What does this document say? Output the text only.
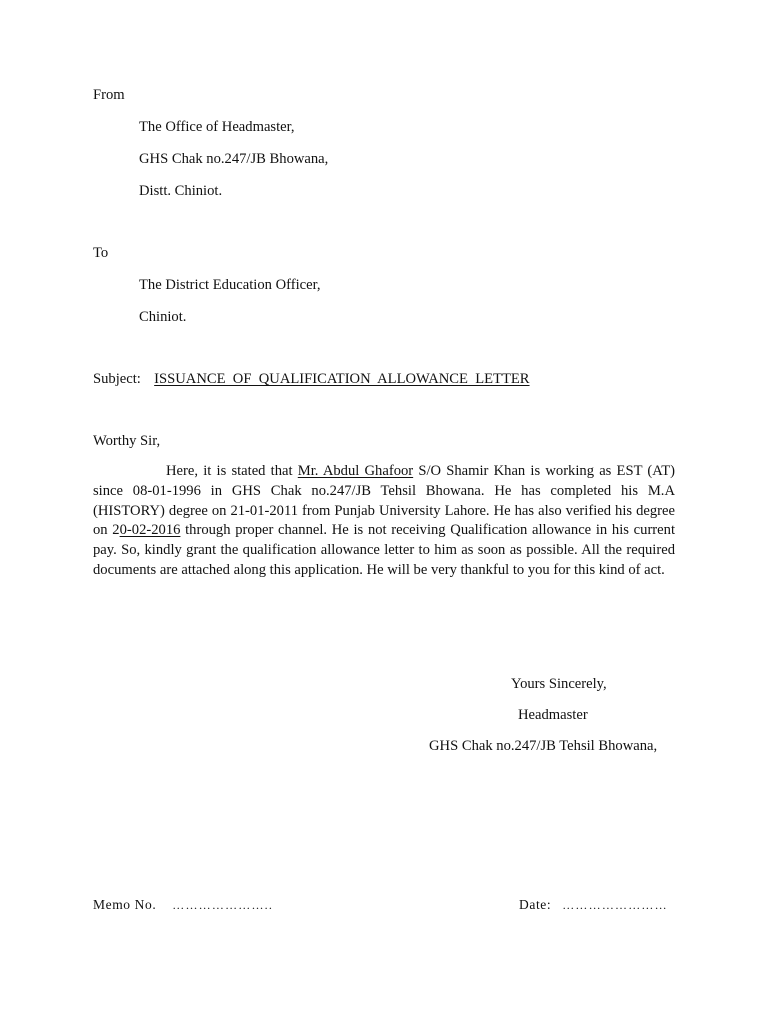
From
The Office of Headmaster,
GHS Chak no.247/JB Bhowana,
Distt. Chiniot.
To
The District Education Officer,
Chiniot.
Subject: ISSUANCE  OF  QUALIFICATION  ALLOWANCE  LETTER
Worthy Sir,
Here, it is stated that Mr. Abdul Ghafoor S/O Shamir Khan is working as EST (AT) since 08-01-1996 in GHS Chak no.247/JB Tehsil Bhowana. He has completed his M.A (HISTORY) degree on 21-01-2011 from Punjab University Lahore. He has also verified his degree on 20-02-2016 through proper channel. He is not receiving Qualification allowance in his current pay. So, kindly grant the qualification allowance letter to him as soon as possible. All the required documents are attached along this application. He will be very thankful to you for this kind of act.
Yours Sincerely,
Headmaster
GHS Chak no.247/JB Tehsil Bhowana,
Memo No. …………………..	Date: ……………………
